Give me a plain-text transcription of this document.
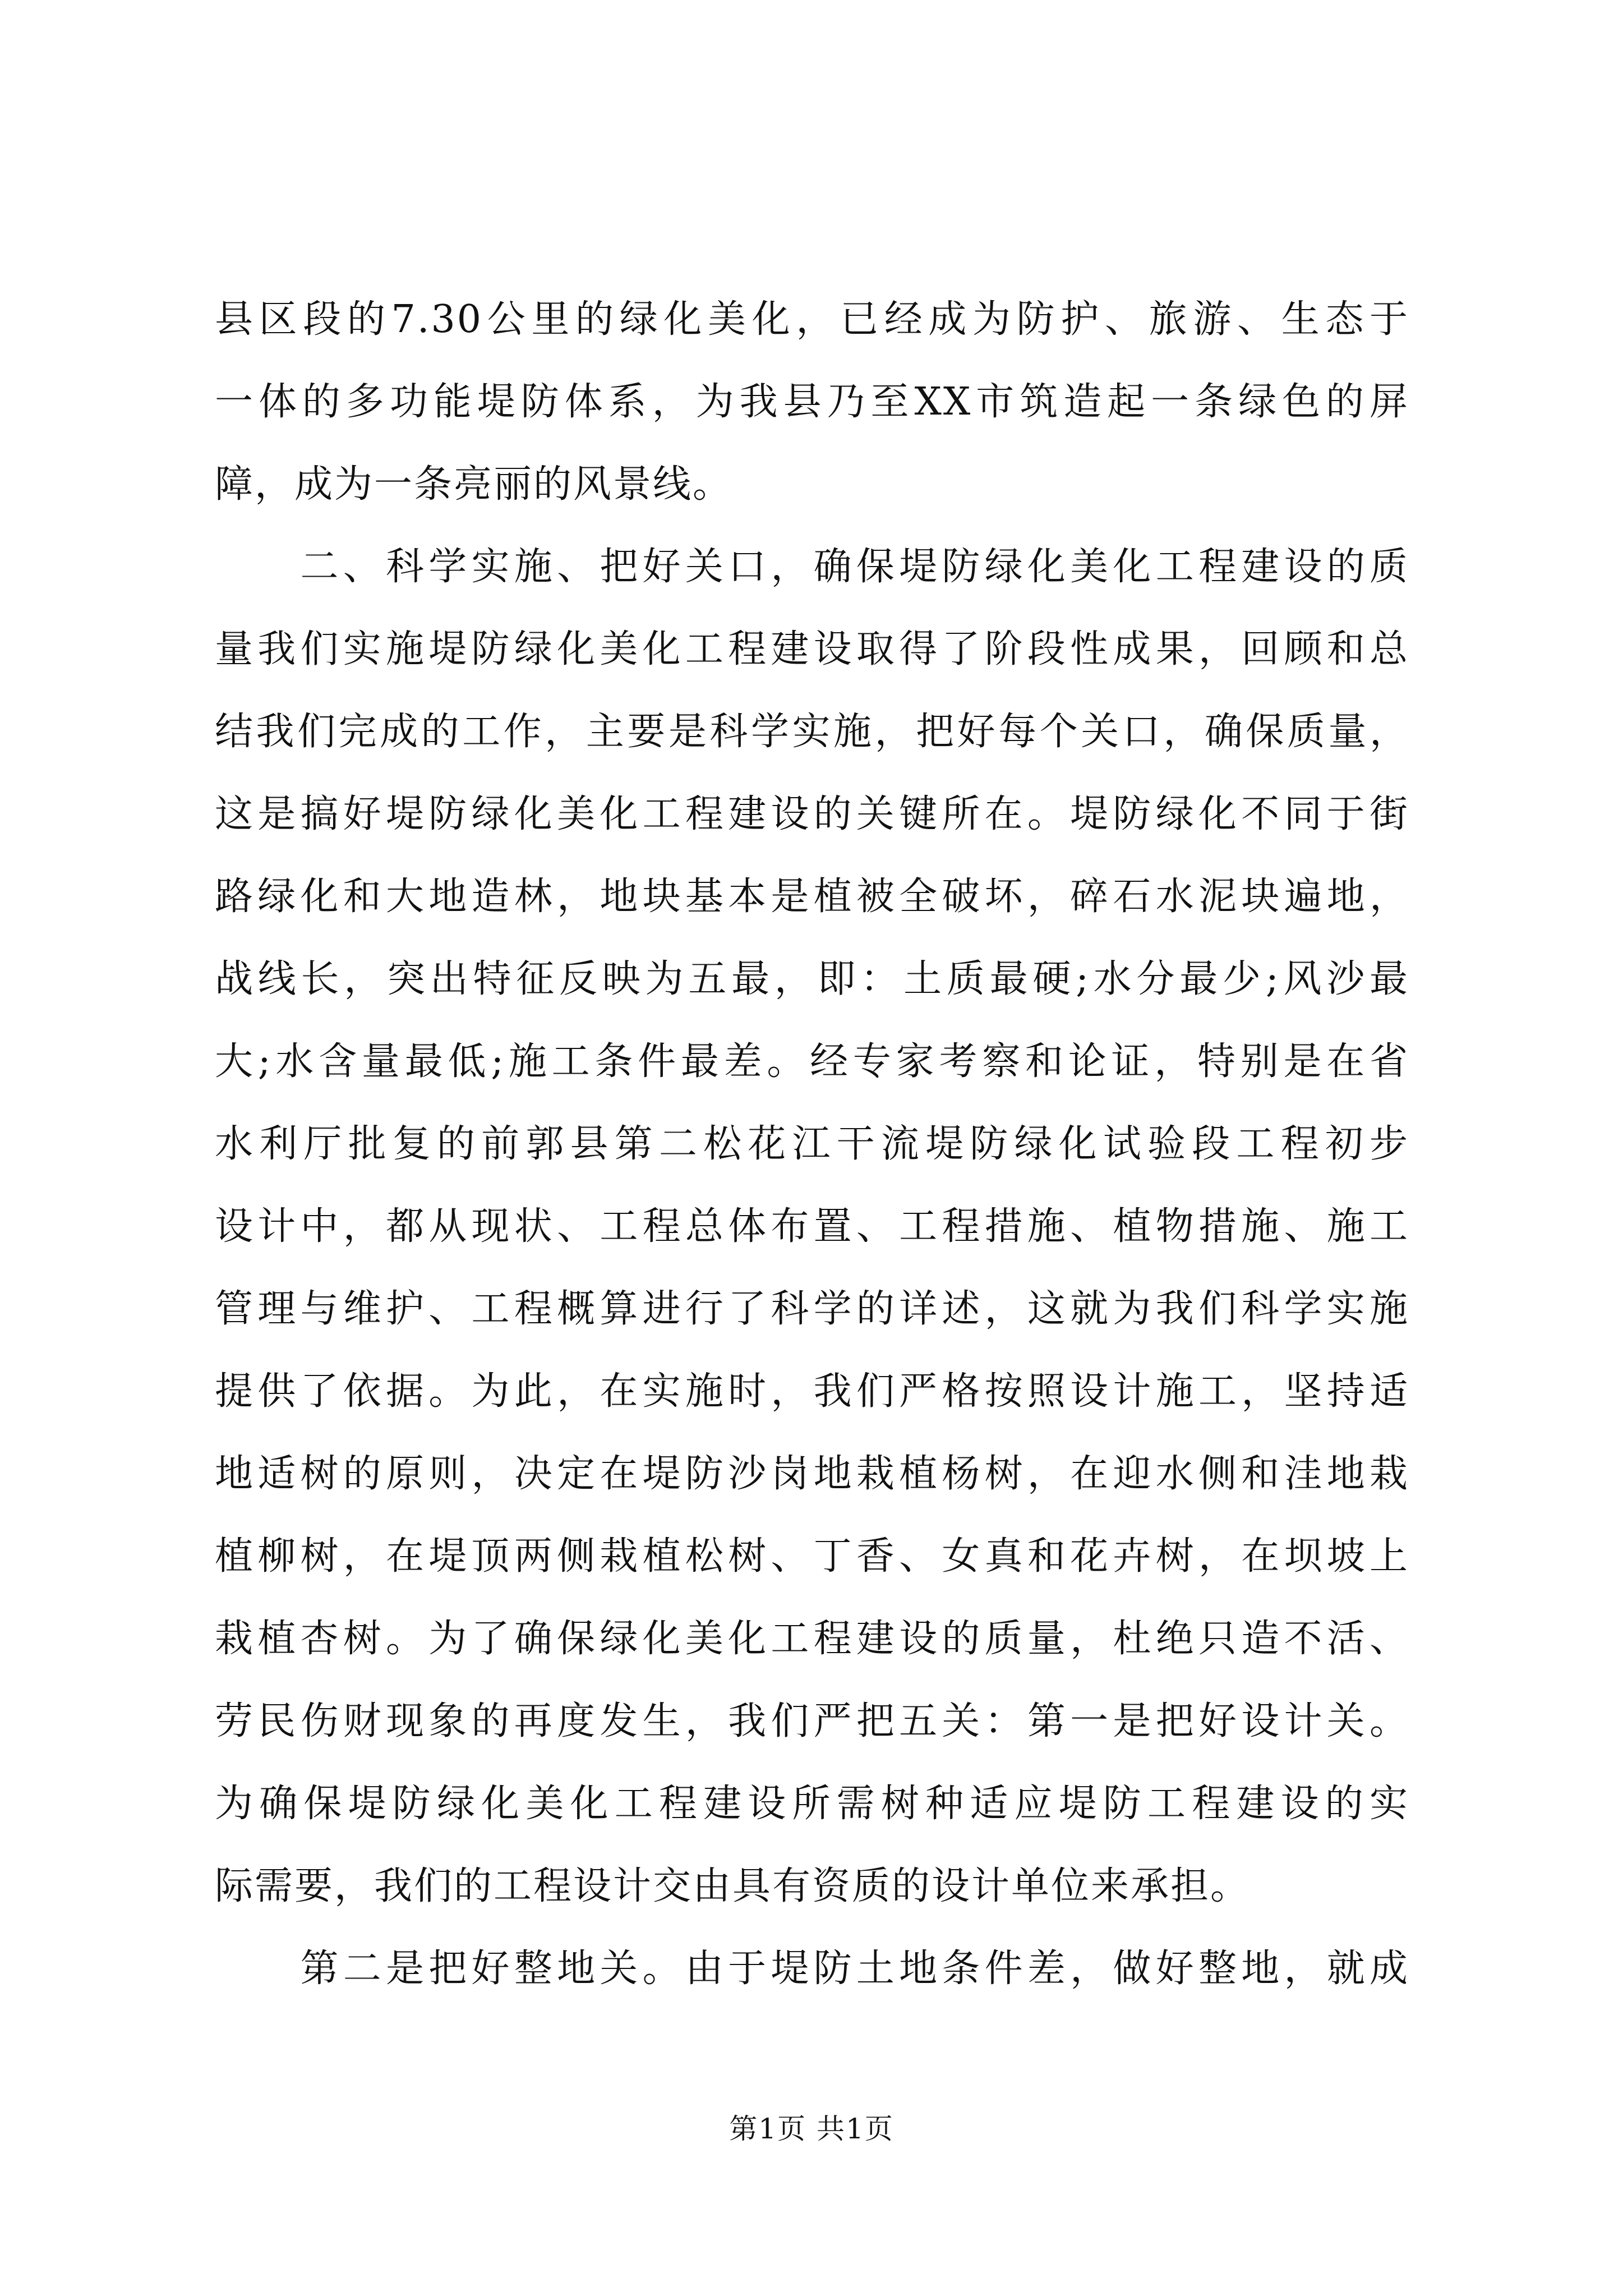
县区段的7.30公里的绿化美化，已经成为防护、旅游、生态于
一体的多功能堤防体系，为我县乃至XX市筑造起一条绿色的屏
障，成为一条亮丽的风景线。
　　二、科学实施、把好关口，确保堤防绿化美化工程建设的质
量我们实施堤防绿化美化工程建设取得了阶段性成果，回顾和总
结我们完成的工作，主要是科学实施，把好每个关口，确保质量，
这是搞好堤防绿化美化工程建设的关键所在。堤防绿化不同于街
路绿化和大地造林，地块基本是植被全破坏，碎石水泥块遍地，
战线长，突出特征反映为五最，即：土质最硬;水分最少;风沙最
大;水含量最低;施工条件最差。经专家考察和论证，特别是在省
水利厅批复的前郭县第二松花江干流堤防绿化试验段工程初步
设计中，都从现状、工程总体布置、工程措施、植物措施、施工
管理与维护、工程概算进行了科学的详述，这就为我们科学实施
提供了依据。为此，在实施时，我们严格按照设计施工，坚持适
地适树的原则，决定在堤防沙岗地栽植杨树，在迎水侧和洼地栽
植柳树，在堤顶两侧栽植松树、丁香、女真和花卉树，在坝坡上
栽植杏树。为了确保绿化美化工程建设的质量，杜绝只造不活、
劳民伤财现象的再度发生，我们严把五关：第一是把好设计关。
为确保堤防绿化美化工程建设所需树种适应堤防工程建设的实
际需要，我们的工程设计交由具有资质的设计单位来承担。
　　第二是把好整地关。由于堤防土地条件差，做好整地，就成
第1页 共1页
